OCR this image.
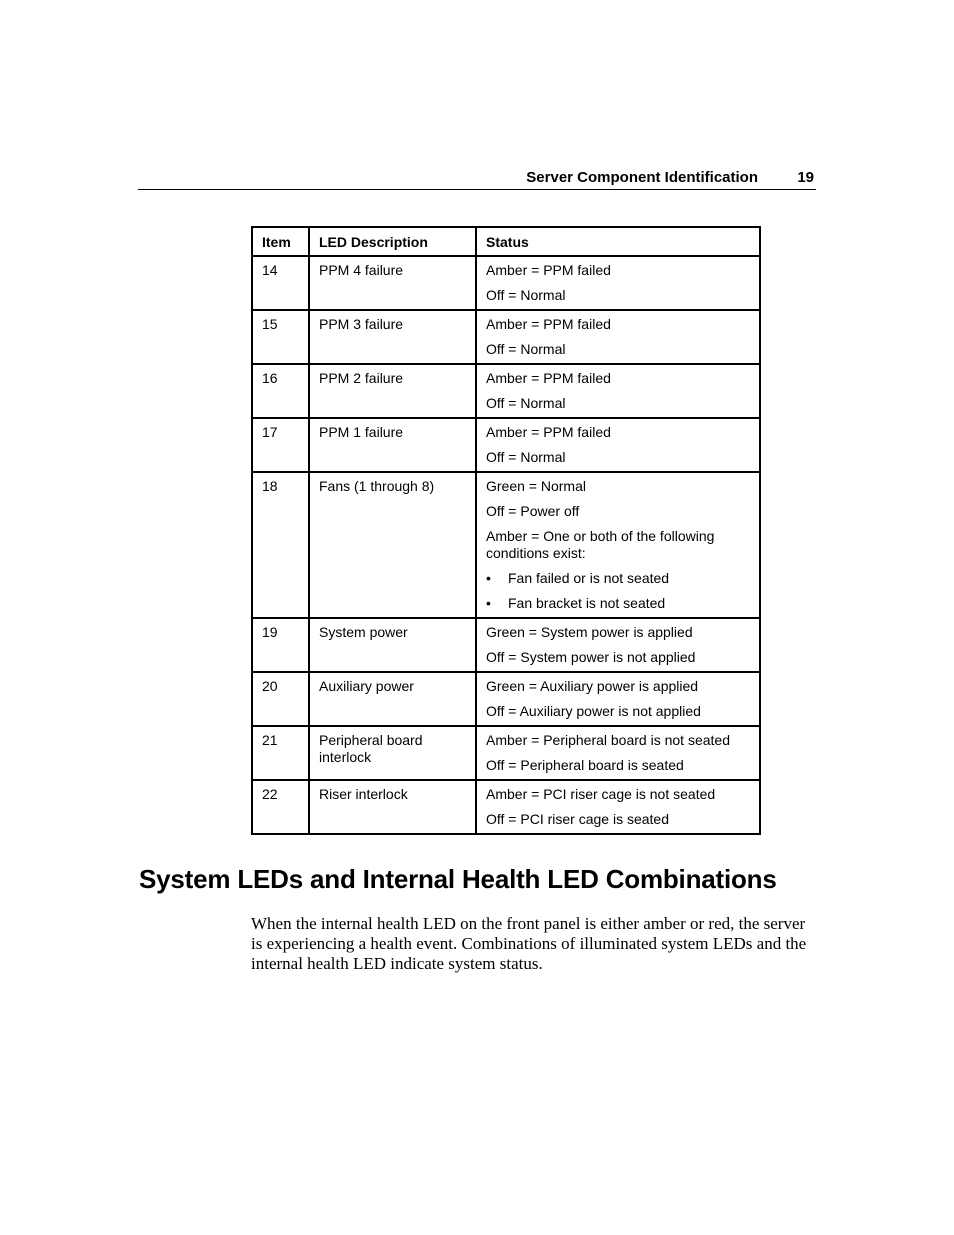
Server Component Identification	19
Item	LED Description	Status
14	PPM 4 failure	Amber = PPM failed
Off = Normal

15	PPM 3 failure	Amber = PPM failed
Off = Normal

16	PPM 2 failure	Amber = PPM failed
Off = Normal

17	PPM 1 failure	Amber = PPM failed
Off = Normal

18	Fans (1 through 8)	Green = Normal
Off = Power off
Amber = One or both of the following conditions exist:
• Fan failed or is not seated
• Fan bracket is not seated

19	System power	Green = System power is applied
Off = System power is not applied

20	Auxiliary power	Green = Auxiliary power is applied
Off = Auxiliary power is not applied

21	Peripheral board interlock	Amber = Peripheral board is not seated
Off = Peripheral board is seated

22	Riser interlock	Amber = PCI riser cage is not seated
Off = PCI riser cage is seated
System LEDs and Internal Health LED Combinations

When the internal health LED on the front panel is either amber or red, the server is experiencing a health event. Combinations of illuminated system LEDs and the internal health LED indicate system status.
